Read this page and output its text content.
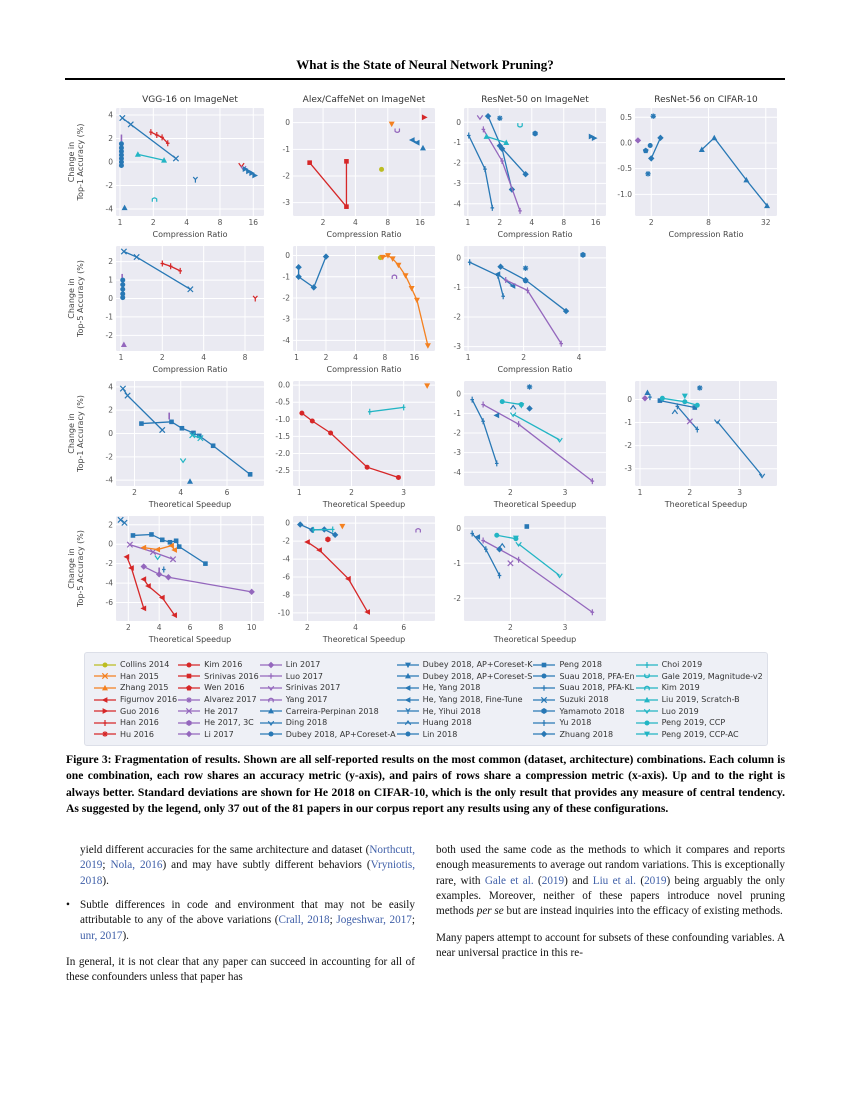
What is the State of Neural Network Pruning?
1	2	4	8	16
-4
-2
0
2
4
VGG-16 on ImageNet
Compression Ratio
Change in Top-1 Accuracy (%)
2	4	8	16
-3
-2
-1
0
Alex/CaffeNet on ImageNet
Compression Ratio
1	2	4	8	16
-4
-3
-2
-1
0
ResNet-50 on ImageNet
Compression Ratio
2	8	32
-1.0
-0.5
0.0
0.5
ResNet-56 on CIFAR-10
Compression Ratio
1	2	4	8
-2
-1
0
1
2
Compression Ratio
Change in Top-5 Accuracy (%)
1	2	4	8	16
-4
-3
-2
-1
0
Compression Ratio
1	2	4
-3
-2
-1
0
Compression Ratio
2	4	6
-4
-2
0
2
4
Theoretical Speedup
Change in Top-1 Accuracy (%)
1	2	3
0.0
-0.5
-1.0
-1.5
-2.0
-2.5
Theoretical Speedup
2	3
-4
-3
-2
-1
0
Theoretical Speedup
1	2	3
-3
-2
-1
0
Theoretical Speedup
2	4	6	8	10
-6
-4
-2
0
2
Theoretical Speedup
Change in Top-5 Accuracy (%)
2	4	6
-10
-8
-6
-4
-2
0
Theoretical Speedup
2	3
-2
-1
0
Theoretical Speedup
Collins 2014
Han 2015
Zhang 2015
Figurnov 2016
Guo 2016
Han 2016
Hu 2016
Kim 2016
Srinivas 2016
Wen 2016
Alvarez 2017
He 2017
He 2017, 3C
Li 2017
Lin 2017
Luo 2017
Srinivas 2017
Yang 2017
Carreira-Perpinan 2018
Ding 2018
Dubey 2018, AP+Coreset-A
Dubey 2018, AP+Coreset-K
Dubey 2018, AP+Coreset-S
He, Yang 2018
He, Yang 2018, Fine-Tune
He, Yihui 2018
Huang 2018
Lin 2018
Peng 2018
Suau 2018, PFA-En
Suau 2018, PFA-KL
Suzuki 2018
Yamamoto 2018
Yu 2018
Zhuang 2018
Choi 2019
Gale 2019, Magnitude-v2
Kim 2019
Liu 2019, Scratch-B
Luo 2019
Peng 2019, CCP
Peng 2019, CCP-AC
Figure 3: Fragmentation of results. Shown are all self-reported results on the most common (dataset, architecture) combinations. Each column is one combination, each row shares an accuracy metric (y-axis), and pairs of rows share a compression metric (x-axis). Up and to the right is always better. Standard deviations are shown for He 2018 on CIFAR-10, which is the only result that provides any measure of central tendency. As suggested by the legend, only 37 out of the 81 papers in our corpus report any results using any of these configurations.
yield different accuracies for the same architecture and dataset (Northcutt, 2019; Nola, 2016) and may have subtly different behaviors (Vryniotis, 2018).
• Subtle differences in code and environment that may not be easily attributable to any of the above variations (Crall, 2018; Jogeshwar, 2017; unr, 2017).
In general, it is not clear that any paper can succeed in accounting for all of these confounders unless that paper has
both used the same code as the methods to which it compares and reports enough measurements to average out random variations. This is exceptionally rare, with Gale et al. (2019) and Liu et al. (2019) being arguably the only examples. Moreover, neither of these papers introduce novel pruning methods per se but are instead inquiries into the efficacy of existing methods.
Many papers attempt to account for subsets of these confounding variables. A near universal practice in this re-
